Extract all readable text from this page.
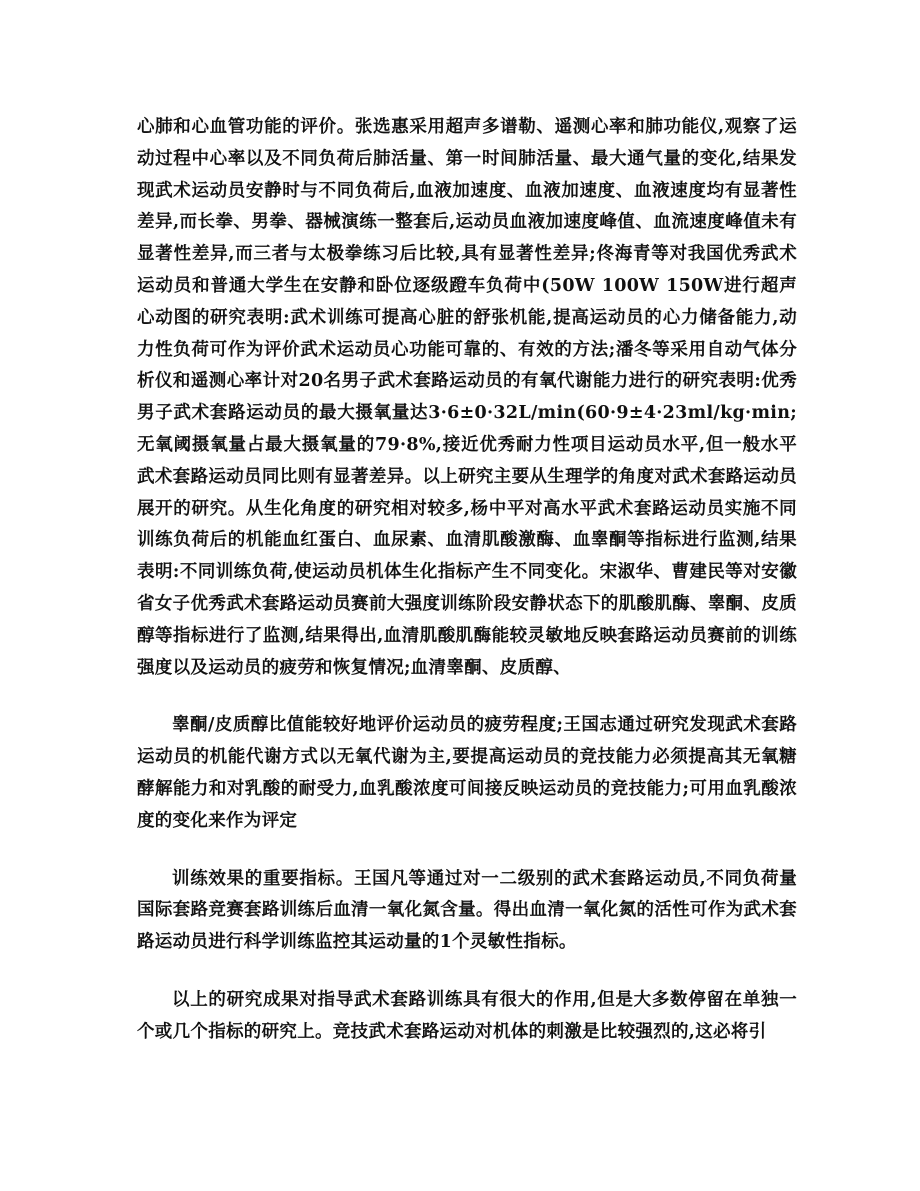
心肺和心血管功能的评价。张选惠采用超声多谱勒、遥测心率和肺功能仪,观察了运动过程中心率以及不同负荷后肺活量、第一时间肺活量、最大通气量的变化,结果发现武术运动员安静时与不同负荷后,血液加速度、血液加速度、血液速度均有显著性差异,而长拳、男拳、器械演练一整套后,运动员血液加速度峰值、血流速度峰值未有显著性差异,而三者与太极拳练习后比较,具有显著性差异;佟海青等对我国优秀武术运动员和普通大学生在安静和卧位逐级蹬车负荷中(50W 100W 150W进行超声心动图的研究表明:武术训练可提高心脏的舒张机能,提高运动员的心力储备能力,动力性负荷可作为评价武术运动员心功能可靠的、有效的方法;潘冬等采用自动气体分析仪和遥测心率计对20名男子武术套路运动员的有氧代谢能力进行的研究表明:优秀男子武术套路运动员的最大摄氧量达3·6±0·32L/min(60·9±4·23ml/kg·min;无氧阈摄氧量占最大摄氧量的79·8%,接近优秀耐力性项目运动员水平,但一般水平武术套路运动员同比则有显著差异。以上研究主要从生理学的角度对武术套路运动员展开的研究。从生化角度的研究相对较多,杨中平对高水平武术套路运动员实施不同训练负荷后的机能血红蛋白、血尿素、血清肌酸激酶、血睾酮等指标进行监测,结果表明:不同训练负荷,使运动员机体生化指标产生不同变化。宋淑华、曹建民等对安徽省女子优秀武术套路运动员赛前大强度训练阶段安静状态下的肌酸肌酶、睾酮、皮质醇等指标进行了监测,结果得出,血清肌酸肌酶能较灵敏地反映套路运动员赛前的训练强度以及运动员的疲劳和恢复情况;血清睾酮、皮质醇、

睾酮/皮质醇比值能较好地评价运动员的疲劳程度;王国志通过研究发现武术套路运动员的机能代谢方式以无氧代谢为主,要提高运动员的竞技能力必须提高其无氧糖酵解能力和对乳酸的耐受力,血乳酸浓度可间接反映运动员的竞技能力;可用血乳酸浓度的变化来作为评定

训练效果的重要指标。王国凡等通过对一二级别的武术套路运动员,不同负荷量国际套路竞赛套路训练后血清一氧化氮含量。得出血清一氧化氮的活性可作为武术套路运动员进行科学训练监控其运动量的1个灵敏性指标。

以上的研究成果对指导武术套路训练具有很大的作用,但是大多数停留在单独一个或几个指标的研究上。竞技武术套路运动对机体的刺激是比较强烈的,这必将引
